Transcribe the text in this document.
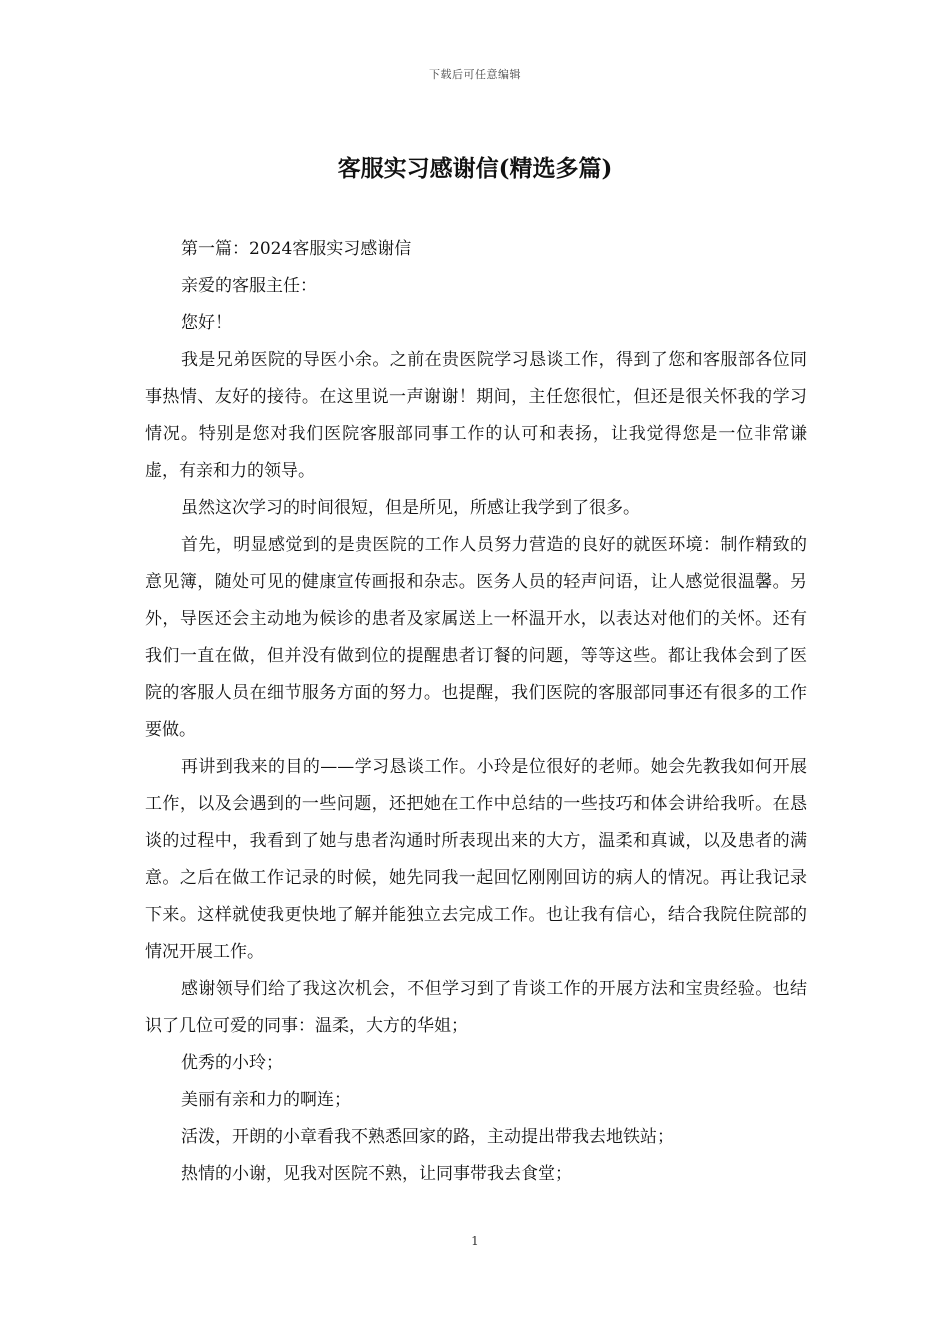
下载后可任意编辑
客服实习感谢信(精选多篇)

第一篇：2024客服实习感谢信

亲爱的客服主任：

您好！

我是兄弟医院的导医小余。之前在贵医院学习恳谈工作，得到了您和客服部各位同事热情、友好的接待。在这里说一声谢谢！期间，主任您很忙，但还是很关怀我的学习情况。特别是您对我们医院客服部同事工作的认可和表扬，让我觉得您是一位非常谦虚，有亲和力的领导。

虽然这次学习的时间很短，但是所见，所感让我学到了很多。

首先，明显感觉到的是贵医院的工作人员努力营造的良好的就医环境：制作精致的意见簿，随处可见的健康宣传画报和杂志。医务人员的轻声问语，让人感觉很温馨。另外，导医还会主动地为候诊的患者及家属送上一杯温开水，以表达对他们的关怀。还有我们一直在做，但并没有做到位的提醒患者订餐的问题，等等这些。都让我体会到了医院的客服人员在细节服务方面的努力。也提醒，我们医院的客服部同事还有很多的工作要做。

再讲到我来的目的——学习恳谈工作。小玲是位很好的老师。她会先教我如何开展工作，以及会遇到的一些问题，还把她在工作中总结的一些技巧和体会讲给我听。在恳谈的过程中，我看到了她与患者沟通时所表现出来的大方，温柔和真诚，以及患者的满意。之后在做工作记录的时候，她先同我一起回忆刚刚回访的病人的情况。再让我记录下来。这样就使我更快地了解并能独立去完成工作。也让我有信心，结合我院住院部的情况开展工作。

感谢领导们给了我这次机会，不但学习到了肯谈工作的开展方法和宝贵经验。也结识了几位可爱的同事：温柔，大方的华姐；

优秀的小玲；

美丽有亲和力的啊连；

活泼，开朗的小章看我不熟悉回家的路，主动提出带我去地铁站；

热情的小谢，见我对医院不熟，让同事带我去食堂；

1
